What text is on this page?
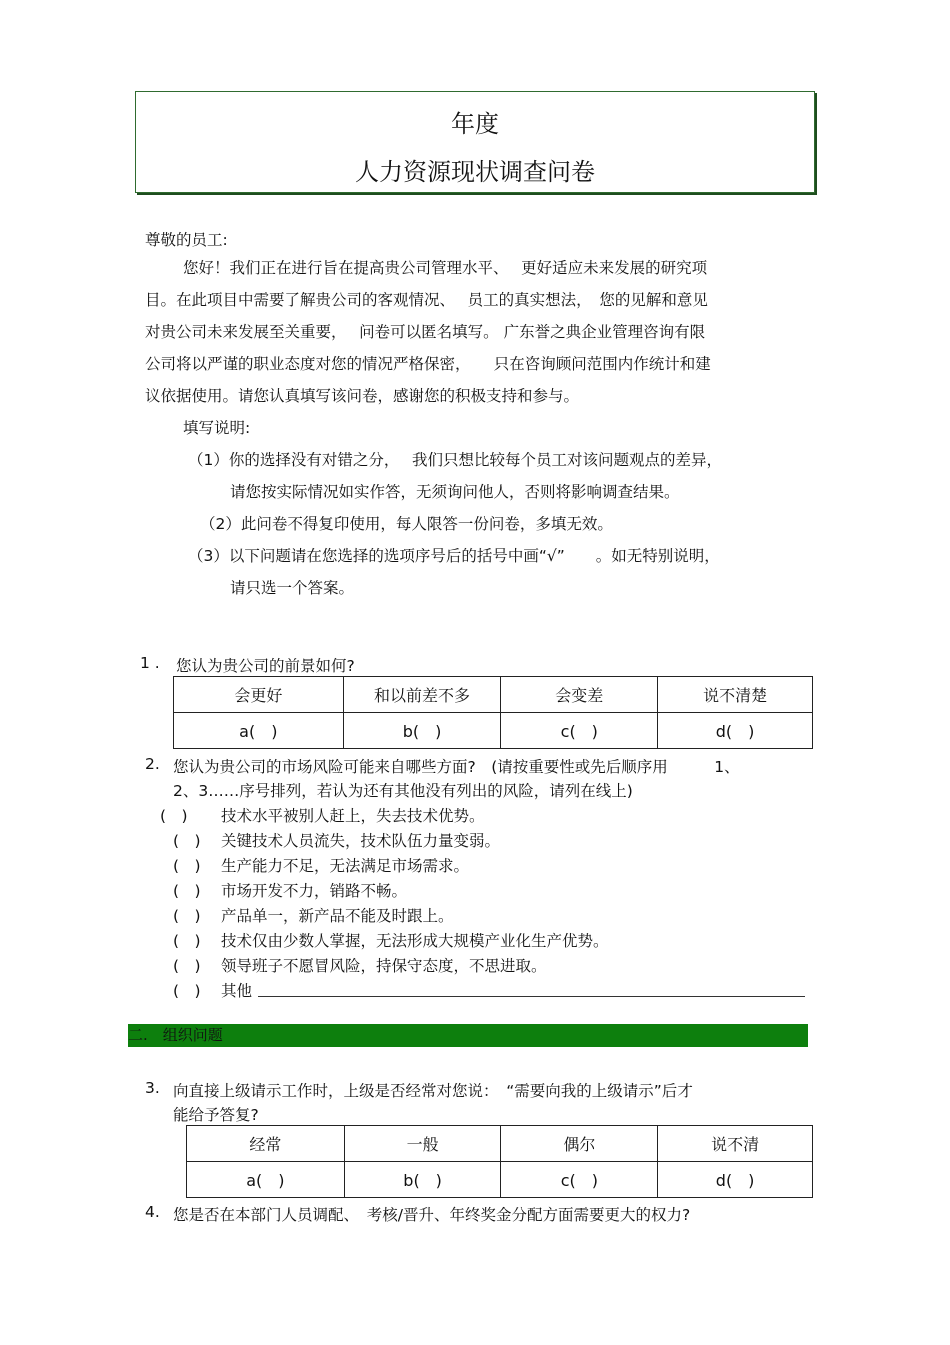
年度
人力资源现状调查问卷
尊敬的员工:
您好！我们正在进行旨在提高贵公司管理水平、　 更好适应未来发展的研究项
目。在此项目中需要了解贵公司的客观情况、　 员工的真实想法，　您的见解和意见
对贵公司未来发展至关重要，　 问卷可以匿名填写。 广东誉之典企业管理咨询有限
公司将以严谨的职业态度对您的情况严格保密，　　只在咨询顾问范围内作统计和建
议依据使用。请您认真填写该问卷，感谢您的积极支持和参与。
填写说明:
（1）你的选择没有对错之分，　 我们只想比较每个员工对该问题观点的差异，
请您按实际情况如实作答，无须询问他人，否则将影响调查结果。
（2）此问卷不得复印使用，每人限答一份问卷，多填无效。
（3）以下问题请在您选择的选项序号后的括号中画“√”　　。如无特别说明，
请只选一个答案。
1 . 您认为贵公司的前景如何?
会更好	和以前差不多	会变差	说不清楚
a(　)	b(　)	c(　)	d(　)
2. 您认为贵公司的市场风险可能来自哪些方面?　(请按重要性或先后顺序用　　　1、
2、3……序号排列，若认为还有其他没有列出的风险，请列在线上)
(　) 技术水平被别人赶上，失去技术优势。
(　) 关键技术人员流失，技术队伍力量变弱。
(　) 生产能力不足，无法满足市场需求。
(　) 市场开发不力，销路不畅。
(　) 产品单一，新产品不能及时跟上。
(　) 技术仅由少数人掌握，无法形成大规模产业化生产优势。
(　) 领导班子不愿冒风险，持保守态度，不思进取。
(　) 其他
二.　组织问题
3. 向直接上级请示工作时，上级是否经常对您说：　“需要向我的上级请示”后才
能给予答复?
经常	一般	偶尔	说不清
a(　)	b(　)	c(　)	d(　)
4. 您是否在本部门人员调配、　考核/晋升、年终奖金分配方面需要更大的权力?
